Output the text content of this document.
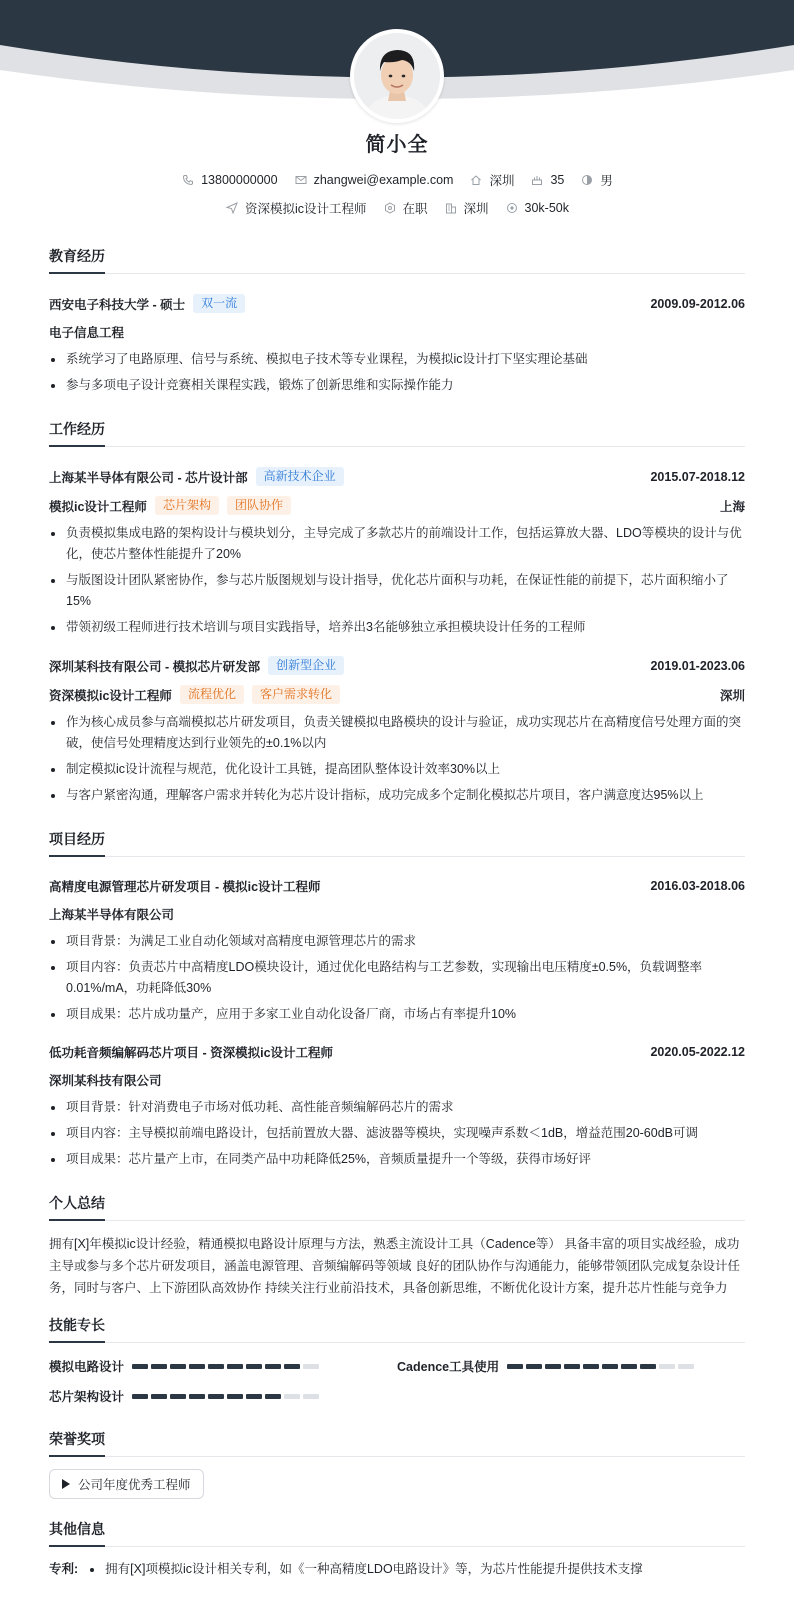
简小全
13800000000	zhangwei@example.com	深圳	35	男
资深模拟ic设计工程师	在职	深圳	30k-50k
教育经历
西安电子科技大学 - 硕士	双一流	2009.09-2012.06
电子信息工程
系统学习了电路原理、信号与系统、模拟电子技术等专业课程，为模拟ic设计打下坚实理论基础
参与多项电子设计竞赛相关课程实践，锻炼了创新思维和实际操作能力
工作经历
上海某半导体有限公司 - 芯片设计部	高新技术企业	2015.07-2018.12
模拟ic设计工程师	芯片架构	团队协作	上海
负责模拟集成电路的架构设计与模块划分，主导完成了多款芯片的前端设计工作，包括运算放大器、LDO等模块的设计与优化，使芯片整体性能提升了20%
与版图设计团队紧密协作，参与芯片版图规划与设计指导，优化芯片面积与功耗，在保证性能的前提下，芯片面积缩小了15%
带领初级工程师进行技术培训与项目实践指导，培养出3名能够独立承担模块设计任务的工程师
深圳某科技有限公司 - 模拟芯片研发部	创新型企业	2019.01-2023.06
资深模拟ic设计工程师	流程优化	客户需求转化	深圳
作为核心成员参与高端模拟芯片研发项目，负责关键模拟电路模块的设计与验证，成功实现芯片在高精度信号处理方面的突破，使信号处理精度达到行业领先的±0.1%以内
制定模拟ic设计流程与规范，优化设计工具链，提高团队整体设计效率30%以上
与客户紧密沟通，理解客户需求并转化为芯片设计指标，成功完成多个定制化模拟芯片项目，客户满意度达95%以上
项目经历
高精度电源管理芯片研发项目 - 模拟ic设计工程师	2016.03-2018.06
上海某半导体有限公司
项目背景：为满足工业自动化领域对高精度电源管理芯片的需求
项目内容：负责芯片中高精度LDO模块设计，通过优化电路结构与工艺参数，实现输出电压精度±0.5%，负载调整率0.01%/mA，功耗降低30%
项目成果：芯片成功量产，应用于多家工业自动化设备厂商，市场占有率提升10%
低功耗音频编解码芯片项目 - 资深模拟ic设计工程师	2020.05-2022.12
深圳某科技有限公司
项目背景：针对消费电子市场对低功耗、高性能音频编解码芯片的需求
项目内容：主导模拟前端电路设计，包括前置放大器、滤波器等模块，实现噪声系数＜1dB，增益范围20-60dB可调
项目成果：芯片量产上市，在同类产品中功耗降低25%，音频质量提升一个等级，获得市场好评
个人总结
拥有[X]年模拟ic设计经验，精通模拟电路设计原理与方法，熟悉主流设计工具（Cadence等） 具备丰富的项目实战经验，成功主导或参与多个芯片研发项目，涵盖电源管理、音频编解码等领域 良好的团队协作与沟通能力，能够带领团队完成复杂设计任务，同时与客户、上下游团队高效协作 持续关注行业前沿技术，具备创新思维，不断优化设计方案，提升芯片性能与竞争力
技能专长
模拟电路设计	Cadence工具使用
芯片架构设计
荣誉奖项
公司年度优秀工程师
其他信息
专利:	拥有[X]项模拟ic设计相关专利，如《一种高精度LDO电路设计》等，为芯片性能提升提供技术支撑
